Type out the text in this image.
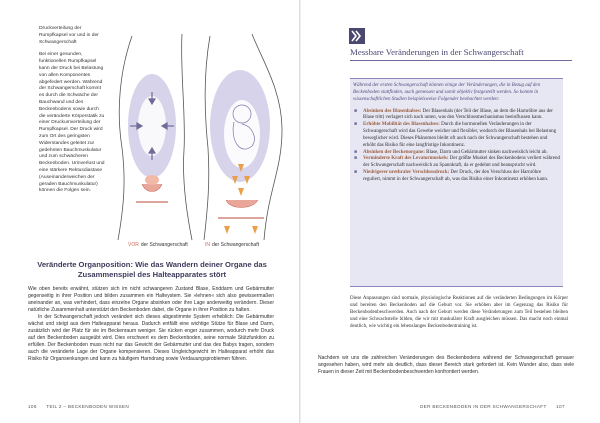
Druckverteilung der Rumpfkapsel vor und in der Schwangerschaft

Bei einer gesunden, funktionellen Rumpfkapsel kann der Druck bei Belastung von allen Komponenten abgefedert werden. Während der Schwangerschaft kommt es durch die Schwäche der Bauchwand und des Beckenbodens sowie durch die veränderte Körperstatik zu einer Druckumverteilung der Rumpfkapsel. Der Druck wird zum Ort des geringsten Widerstandes geleitet zur gedehnten Bauchmuskulatur und zum schwächeren Beckenboden. Urinverlust und eine stärkere Rektusdiastase (Auseinanderweichen der geraden Bauchmuskulatur) können die Folgen sein.

VOR der Schwangerschaft	IN der Schwangerschaft
Veränderte Organposition: Wie das Wandern deiner Organe das Zusammenspiel des Halteapparates stört

Wie oben bereits erwähnt, stützen sich im nicht schwangeren Zustand Blase, Enddarm und Gebärmutter gegenseitig in ihrer Position und bilden zusammen ein Halteystem. Sie »lehnen« sich also gewissermaßen aneinander an, was verhindert, dass einzelne Organe absinken oder ihre Lage anderweitig verändern. Dieser natürliche Zusammenhalt unterstützt den Beckenboden dabei, die Organe in ihrer Position zu halten.

In der Schwangerschaft jedoch verändert sich dieses abgestimmte System erheblich: Die Gebärmutter wächst und steigt aus dem Halteapparat heraus. Dadurch entfällt eine wichtige Stütze für Blase und Darm, zusätzlich wird der Platz für sie im Beckenraum weniger. Sie rücken enger zusammen, wodurch mehr Druck auf den Beckenboden ausgeübt wird. Dies erschwert es dem Beckenboden, seine normale Stützfunktion zu erfüllen. Der Beckenboden muss nicht nur das Gewicht der Gebärmutter und das des Babys tragen, sondern auch die veränderte Lage der Organe kompensieren. Dieses Ungleichgewicht im Halteapparat erhöht das Risiko für Organsenkungen und kann zu häufigem Harndrang sowie Verdauungsproblemen führen.

106 TEIL 2 – BECKENBODEN WISSEN
Messbare Veränderungen in der Schwangerschaft

Während der ersten Schwangerschaft können einige der Veränderungen, die in Bezug auf den Beckenboden stattfinden, auch gemessen und somit objektiv festgestellt werden. So konnte in wissenschaftlichen Studien beispielsweise Folgender beobachtet werden:

■ Absinken des Blasenhalses: Der Blasenhals (der Teil der Blase, an dem die Harnröhre aus der Blase tritt) verlagert sich nach unten, was den Verschlussmechanismus beeinflussen kann.
■ Erhöhte Mobilität des Blasenhalses: Durch die hormonellen Veränderungen in der Schwangerschaft wird das Gewebe weicher und flexibler, wodurch der Blasenhals bei Belastung beweglicher wird. Dieses Phänomen bleibt oft auch nach der Schwangerschaft bestehen und erhöht das Risiko für eine langfristige Inkontinenz.
■ Absinken der Beckenorgane: Blase, Darm und Gebärmutter sinken nachweislich leicht ab.
■ Verminderte Kraft des Levatormuskels: Der größte Muskel des Beckenbodens verliert während der Schwangerschaft nachweislich an Spannkraft, da er gedehnt und beansprucht wird.
■ Niedrigerer urethraler Verschlussdruck: Der Druck, der den Verschluss der Harnröhre reguliert, nimmt in der Schwangerschaft ab, was das Risiko einer Inkontinenz erhöhen kann.

Diese Anpassungen sind normale, physiologische Reaktionen auf die veränderten Bedingungen im Körper und bereiten den Beckenboden auf die Geburt vor. Sie erhöhen aber im Gegenzug das Risiko für Beckenbodenbeschwerden. Auch nach der Geburt werden diese Veränderungen zum Teil bestehen bleiben und eine Schwachstelle bilden, die wir mit muskulärer Kraft ausgleichen müssen. Das macht noch einmal deutlich, wie wichtig ein lebenslanges Beckenbodentraining ist.

Nachdem wir uns die zahlreichen Veränderungen des Beckenbodens während der Schwangerschaft genauer angesehen haben, wird mehr als deutlich, dass dieser Bereich stark gefordert ist. Kein Wunder also, dass viele Frauen in dieser Zeit mit Beckenbodenbeschwerden konfrontiert werden.

DER BECKENBODEN IN DER SCHWANGERSCHAFT 107
